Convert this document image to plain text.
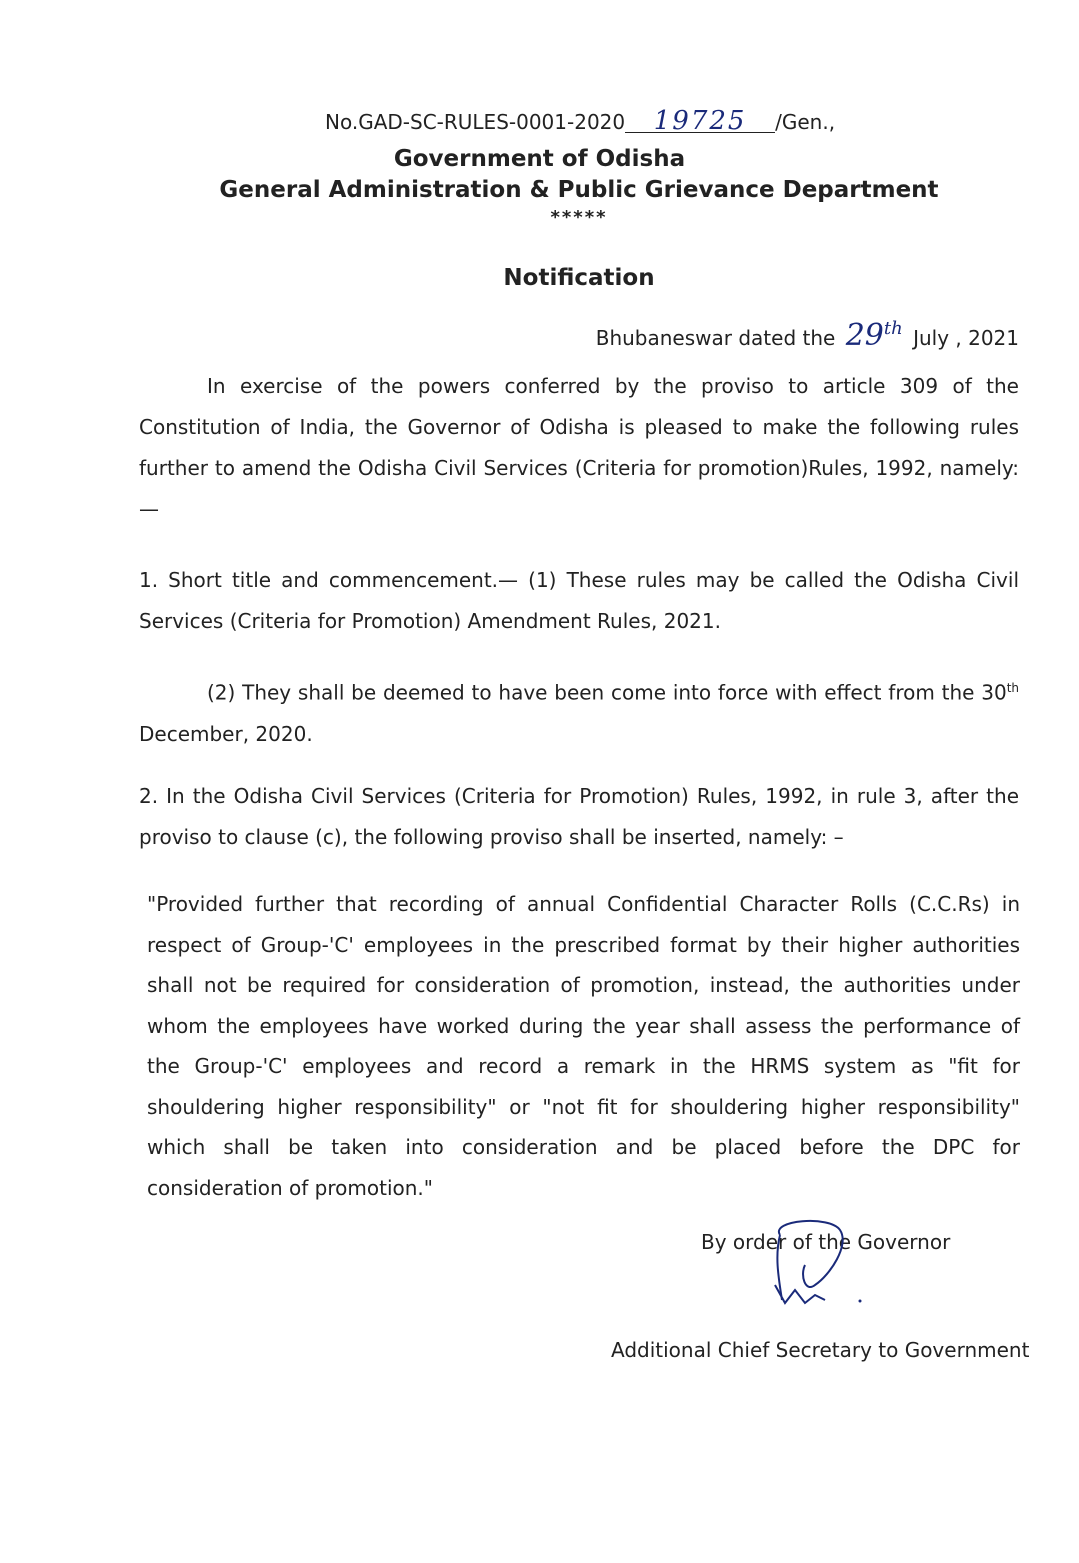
No.GAD-SC-RULES-0001-2020 19725 /Gen.,
Government of Odisha
General Administration & Public Grievance Department
*****
Notification
Bhubaneswar dated the 29th July , 2021
In exercise of the powers conferred by the proviso to article 309 of the Constitution of India, the Governor of Odisha is pleased to make the following rules further to amend the Odisha Civil Services (Criteria for promotion)Rules, 1992, namely:—
1. Short title and commencement.— (1) These rules may be called the Odisha Civil Services (Criteria for Promotion) Amendment Rules, 2021.
(2) They shall be deemed to have been come into force with effect from the 30th December, 2020.
2. In the Odisha Civil Services (Criteria for Promotion) Rules, 1992, in rule 3, after the proviso to clause (c), the following proviso shall be inserted, namely: –
"Provided further that recording of annual Confidential Character Rolls (C.C.Rs) in respect of Group-'C' employees in the prescribed format by their higher authorities shall not be required for consideration of promotion, instead, the authorities under whom the employees have worked during the year shall assess the performance of the Group-'C' employees and record a remark in the HRMS system as "fit for shouldering higher responsibility" or "not fit for shouldering higher responsibility" which shall be taken into consideration and be placed before the DPC for consideration of promotion."
By order of the Governor
Additional Chief Secretary to Government
